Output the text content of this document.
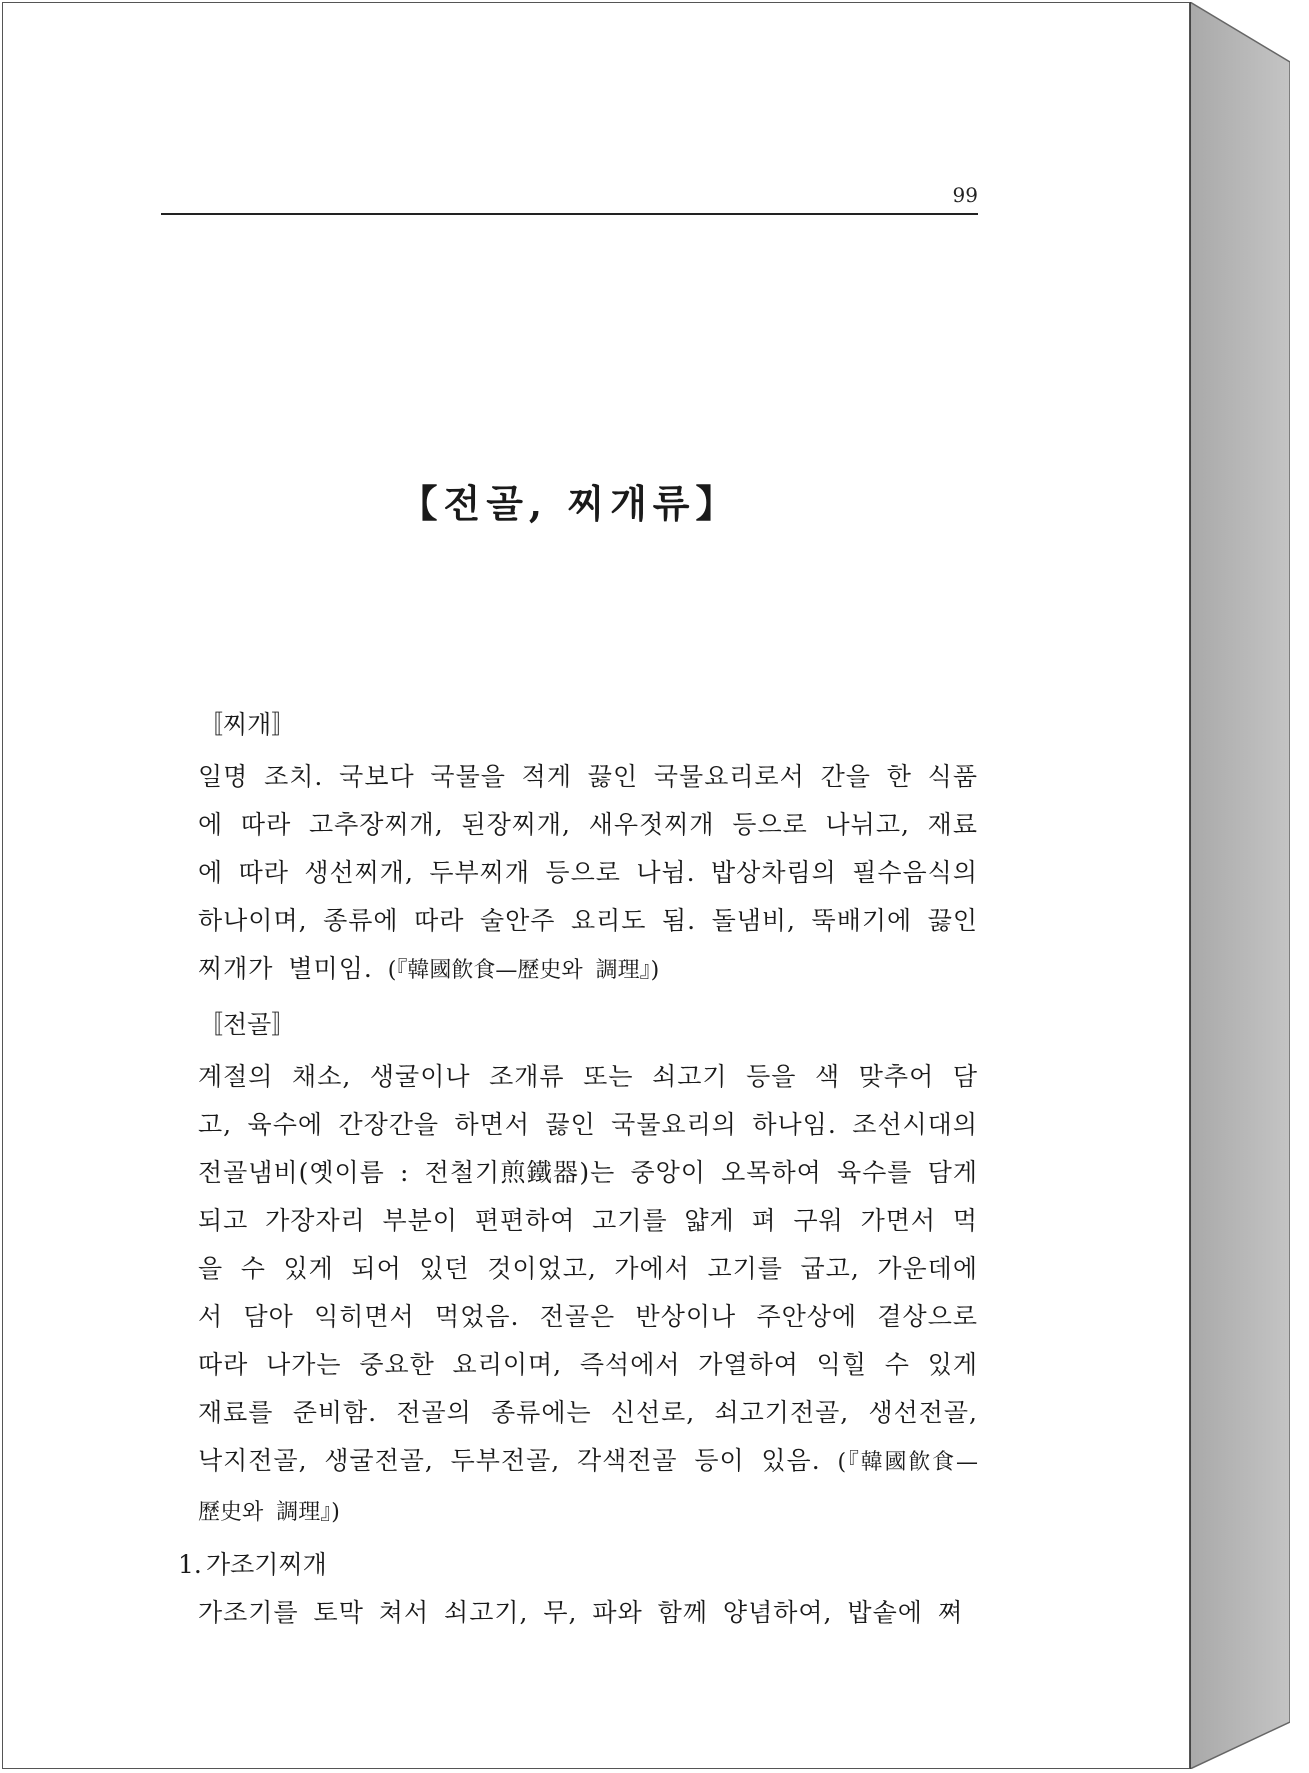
99
【전골, 찌개류】
〚찌개〛

일명 조치. 국보다 국물을 적게 끓인 국물요리로서 간을 한 식품에 따라 고추장찌개, 된장찌개, 새우젓찌개 등으로 나뉘고, 재료에 따라 생선찌개, 두부찌개 등으로 나뉨. 밥상차림의 필수음식의 하나이며, 종류에 따라 술안주 요리도 됨. 돌냄비, 뚝배기에 끓인 찌개가 별미임. (『韓國飮食—歷史와 調理』)

〚전골〛

계절의 채소, 생굴이나 조개류 또는 쇠고기 등을 색 맞추어 담고, 육수에 간장간을 하면서 끓인 국물요리의 하나임. 조선시대의 전골냄비(옛이름 : 전철기煎鐵器)는 중앙이 오목하여 육수를 담게 되고 가장자리 부분이 편편하여 고기를 얇게 펴 구워 가면서 먹을 수 있게 되어 있던 것이었고, 가에서 고기를 굽고, 가운데에서 담아 익히면서 먹었음. 전골은 반상이나 주안상에 곁상으로 따라 나가는 중요한 요리이며, 즉석에서 가열하여 익힐 수 있게 재료를 준비함. 전골의 종류에는 신선로, 쇠고기전골, 생선전골, 낙지전골, 생굴전골, 두부전골, 각색전골 등이 있음. (『韓國飮食—歷史와 調理』)

1. 가조기찌개

가조기를 토막 쳐서 쇠고기, 무, 파와 함께 양념하여, 밥솥에 쪄
